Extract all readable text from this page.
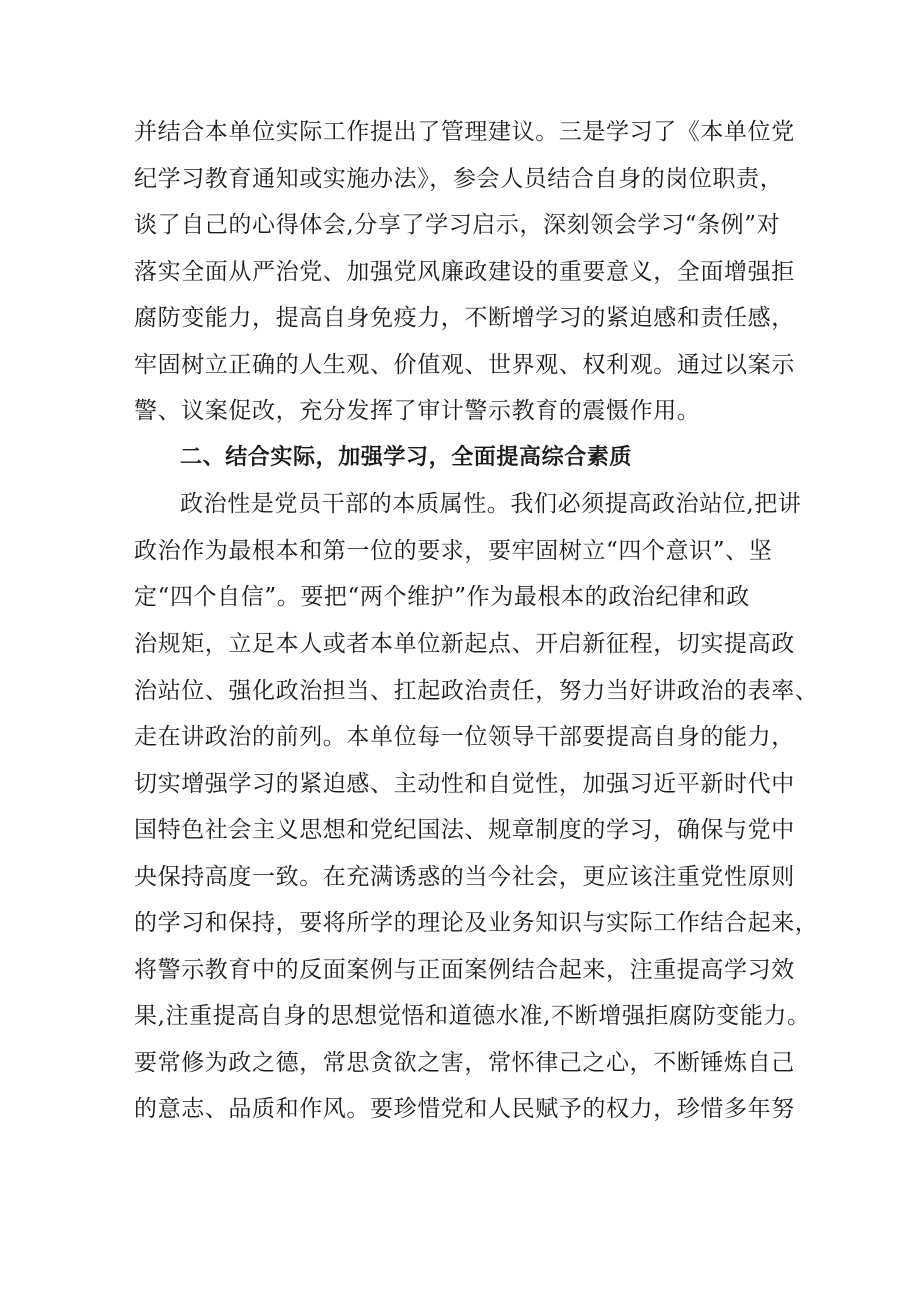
并结合本单位实际工作提出了管理建议。三是学习了《本单位党
纪学习教育通知或实施办法》，参会人员结合自身的岗位职责，
谈了自己的心得体会,分享了学习启示，深刻领会学习“条例”对
落实全面从严治党、加强党风廉政建设的重要意义，全面增强拒
腐防变能力，提高自身免疫力，不断增学习的紧迫感和责任感，
牢固树立正确的人生观、价值观、世界观、权利观。通过以案示
警、议案促改，充分发挥了审计警示教育的震慑作用。
二、结合实际，加强学习，全面提高综合素质
政治性是党员干部的本质属性。我们必须提高政治站位,把讲
政治作为最根本和第一位的要求，要牢固树立“四个意识”、坚
定“四个自信”。要把“两个维护”作为最根本的政治纪律和政
治规矩，立足本人或者本单位新起点、开启新征程，切实提高政
治站位、强化政治担当、扛起政治责任，努力当好讲政治的表率、
走在讲政治的前列。本单位每一位领导干部要提高自身的能力，
切实增强学习的紧迫感、主动性和自觉性，加强习近平新时代中
国特色社会主义思想和党纪国法、规章制度的学习，确保与党中
央保持高度一致。在充满诱惑的当今社会，更应该注重党性原则
的学习和保持，要将所学的理论及业务知识与实际工作结合起来，
将警示教育中的反面案例与正面案例结合起来，注重提高学习效
果,注重提高自身的思想觉悟和道德水准,不断增强拒腐防变能力。
要常修为政之德，常思贪欲之害，常怀律己之心，不断锤炼自己
的意志、品质和作风。要珍惜党和人民赋予的权力，珍惜多年努
